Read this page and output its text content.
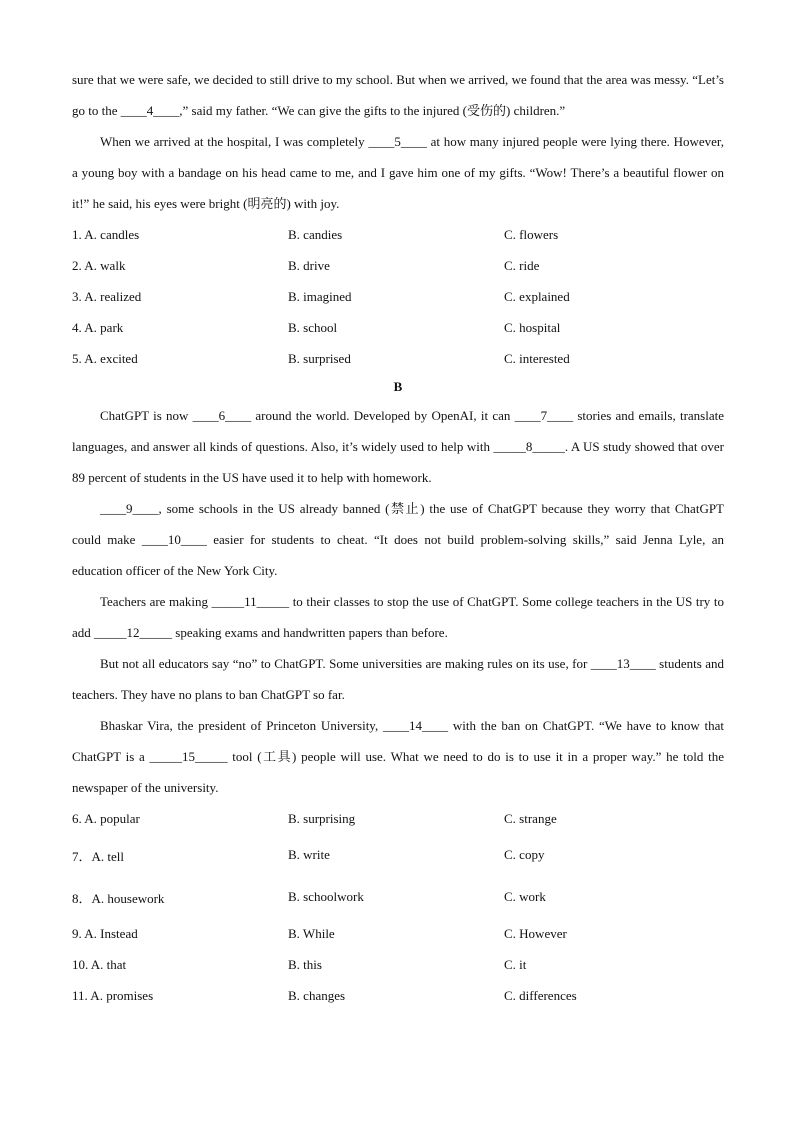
sure that we were safe, we decided to still drive to my school. But when we arrived, we found that the area was messy. “Let’s go to the ____4____,” said my father. “We can give the gifts to the injured (受伤的) children.”

When we arrived at the hospital, I was completely ____5____ at how many injured people were lying there. However, a young boy with a bandage on his head came to me, and I gave him one of my gifts. “Wow! There’s a beautiful flower on it!” he said, his eyes were bright (明亮的) with joy.

1. A. candles	B. candies	C. flowers
2. A. walk	B. drive	C. ride
3. A. realized	B. imagined	C. explained
4. A. park	B. school	C. hospital
5. A. excited	B. surprised	C. interested
B

ChatGPT is now ____6____ around the world. Developed by OpenAI, it can ____7____ stories and emails, translate languages, and answer all kinds of questions. Also, it’s widely used to help with _____8_____. A US study showed that over 89 percent of students in the US have used it to help with homework.

____9____, some schools in the US already banned (禁止) the use of ChatGPT because they worry that ChatGPT could make ____10____ easier for students to cheat. “It does not build problem-solving skills,” said Jenna Lyle, an education officer of the New York City.

Teachers are making _____11_____ to their classes to stop the use of ChatGPT. Some college teachers in the US try to add _____12_____ speaking exams and handwritten papers than before.

But not all educators say “no” to ChatGPT. Some universities are making rules on its use, for ____13____ students and teachers. They have no plans to ban ChatGPT so far.

Bhaskar Vira, the president of Princeton University, ____14____ with the ban on ChatGPT. “We have to know that ChatGPT is a _____15_____ tool (工具) people will use. What we need to do is to use it in a proper way.” he told the newspaper of the university.

6. A. popular	B. surprising	C. strange
7．A. tell	B. write	C. copy
8．A. housework	B. schoolwork	C. work
9. A. Instead	B. While	C. However
10. A. that	B. this	C. it
11. A. promises	B. changes	C. differences
